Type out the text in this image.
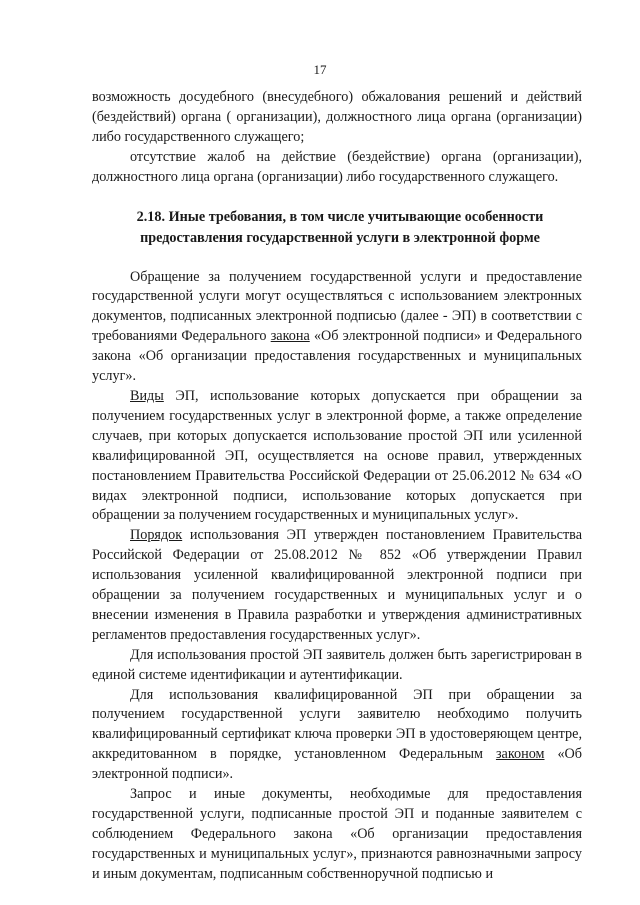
17

возможность досудебного (внесудебного) обжалования решений и действий (бездействий) органа ( организации), должностного лица органа (организации) либо государственного служащего;

отсутствие жалоб на действие (бездействие) органа (организации), должностного лица органа (организации) либо государственного служащего.

2.18. Иные требования, в том числе учитывающие особенности предоставления государственной услуги в электронной форме

Обращение за получением государственной услуги и предоставление государственной услуги могут осуществляться с использованием электронных документов, подписанных электронной подписью (далее - ЭП) в соответствии с требованиями Федерального закона «Об электронной подписи» и Федерального закона «Об организации предоставления государственных и муниципальных услуг».

Виды ЭП, использование которых допускается при обращении за получением государственных услуг в электронной форме, а также определение случаев, при которых допускается использование простой ЭП или усиленной квалифицированной ЭП, осуществляется на основе правил, утвержденных постановлением Правительства Российской Федерации от 25.06.2012 № 634 «О видах электронной подписи, использование которых допускается при обращении за получением государственных и муниципальных услуг».

Порядок использования ЭП утвержден постановлением Правительства Российской Федерации от 25.08.2012 № 852 «Об утверждении Правил использования усиленной квалифицированной электронной подписи при обращении за получением государственных и муниципальных услуг и о внесении изменения в Правила разработки и утверждения административных регламентов предоставления государственных услуг».

Для использования простой ЭП заявитель должен быть зарегистрирован в единой системе идентификации и аутентификации.

Для использования квалифицированной ЭП при обращении за получением государственной услуги заявителю необходимо получить квалифицированный сертификат ключа проверки ЭП в удостоверяющем центре, аккредитованном в порядке, установленном Федеральным законом «Об электронной подписи».

Запрос и иные документы, необходимые для предоставления государственной услуги, подписанные простой ЭП и поданные заявителем с соблюдением Федерального закона «Об организации предоставления государственных и муниципальных услуг», признаются равнозначными запросу и иным документам, подписанным собственноручной подписью и
